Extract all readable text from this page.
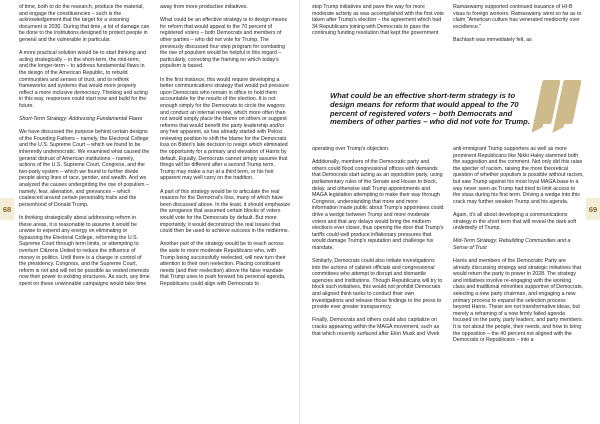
68	69

of time, both to do the research, produce the material, and engage the constituencies – such is the acknowledgement that the target for a visioning document is 2030. During that time, a lot of damage can be done to the institutions designed to protect people in general and the vulnerable in particular.

A more practical solution would be to start thinking and acting strategically – in the short-term, the mid-term, and the longer-term – to address fundamental flaws in the design of the American Republic, to rebuild communities and senses of trust, and to rethink frameworks and systems that would more properly reflect a more inclusive democracy. Thinking and acting in this way, responses could start now and build for the future.

Short-Term Strategy: Addressing Fundamental Flaws

We have discussed the purpose behind certain designs of the Founding Fathers – namely, the Electoral College and the U.S. Supreme Court – which we found to be inherently undemocratic. We examined what caused the general distrust of American institutions – namely, actions of the U.S. Supreme Court, Congress, and the two-party system – which we found to further divide people along lines of race, gender, and wealth. And we analyzed the causes undergirding the rise of populism – namely, fear, alienation, and grievances – which coalesced around certain personality traits and the personhood of Donald Trump.

In thinking strategically about addressing reform in these areas, it is reasonable to assume it would be unwise to expend any energy on eliminating or bypassing the Electoral College, reforming the U.S. Supreme Court through term limits, or attempting to overturn Citizens United to reduce the influence of money in politics. Until there is a change in control of the presidency, Congress, and the Supreme Court, reform is not and will not be possible as vested interests now their power to existing structures. As such, any time spent on these unwinnable campaigns would take time

away from more productive initiatives.

What could be an effective strategy is to design means for reform that would appeal to the 70 percent of registered voters – both Democrats and members of other parties – who did not vote for Trump. The previously discussed four-step program for combating the rise of populism would be helpful in this regard – particularly, correcting the framing on which today's populism is based.

In the first instance, this would require developing a better communications strategy that would put pressure upon Democrats who remain in office to hold them accountable for the results of the election. It is not enough simply for the Democrats to circle the wagons and conduct an internal review, which more often than not would simply place the blame on others or suggest reforms that would benefit the party leadership and/or any heir apparent, as has already started with Pelosi reviewing position to shift the blame for the Democrats loss on Biden's late decision to resign which eliminated the opportunity for a primary and elevation of Harris by default. Equally, Democrats cannot simply assume that things will be different after a second Trump term. Trump may make a run at a third term, or his heir apparent may well carry on the tradition.

A part of this strategy would be to articulate the real reasons for the Democrat's loss, many of which have been discussed above. In the least, it should emphasize the arrogance that assumed certain blocks of voters would vote for the Democrats by default. But more importantly, it would deconstruct the real issues that could then be used to achieve success in the midterms.

Another part of the strategy would be to reach across the aisle to more moderate Republicans who, with Trump being successfully reelected, will now turn their attention to their own reelection. Placing constituent needs (and their reelection) above the false mandate that Trump uses to push forward his personal agenda, Republicans could align with Democrats to

stop Trump initiatives and pave the way for more moderate activity as was accomplished with the first vote taken after Trump's election – the agreement which had 34 Republicans joining with Democrats to pass the continuing funding resolution that kept the government

Ramaswamy supported continued issuance of HI-B visas to foreign workers. Ramaswamy went so far as to claim "American culture has venerated mediocrity over excellence."

Bachlash was immediately felt, as

What could be an effective short-term strategy is to design means for reform that would appeal to the 70 percent of registered voters – both Democrats and members of other parties – who did not vote for Trump.

operating over Trump's objection.

Additionally, members of the Democratic party and others could flood congressional offices with demands that Democrats start acting as an opposition party, using parliamentary rules of the Senate and House to block, delay, and otherwise stall Trump appointments and MAGA legislation attempting to make their way through Congress, understanding that more and more information made public about Trump's appointees could drive a wedge between Trump and more moderate voters and that any delays would bring the midterm elections ever closer, thus opening the door that Trump's tariffs could well produce inflationary pressures that would damage Trump's reputation and challenge his mandate.

Similarly, Democrats could also initiate investigations into the actions of cabinet officials and congressional committees who attempt to disrupt and dismantle agencies and institutions. Though Republicans will try to block such initiatives, this would not prohibit Democrats and aligned think tanks to conduct their own investigations and release those findings to the press to provide ever greater transparency.

Finally, Democrats and others could also capitalize on cracks appearing within the MAGA movement, such as that which recently surfaced after Elon Musk and Vivek

anti-immigrant Trump supporters as well as more prominent Republicans like Nikki Haley slammed both the suggestion and the comment. Not only did this raise the specter of racism, raising the more theoretical question of whether populism is possible without racism, but saw Trump against his most loyal MAGA base in a way never seen as Trump had tried to limit access to the visas during his first term. Driving a wedge into this crack may further weaken Trump and his agenda.

Again, it's all about developing a communications strategy in the short term that will reveal the dark soft underbelly of Trump.

Mid-Term Strategy: Rebuilding Communities and a Sense of Trust

Harris and members of the Democratic Party are already discussing strategy and strategic initiatives that would return the party to power in 2028. The strategy and initiatives involve re-engaging with the working class and traditional minorities supportive of Democrats, selecting a new party chairman, and engaging a new primary process to expand the selection process beyond Harris. These are not transformative ideas, but merely a reframing of a now firmly failed agenda focused on the party, party leaders, and party members. It is not about the people, their needs, and how to bring the opposition – the 40 percent not aligned with the Democrats or Republicans – into a
